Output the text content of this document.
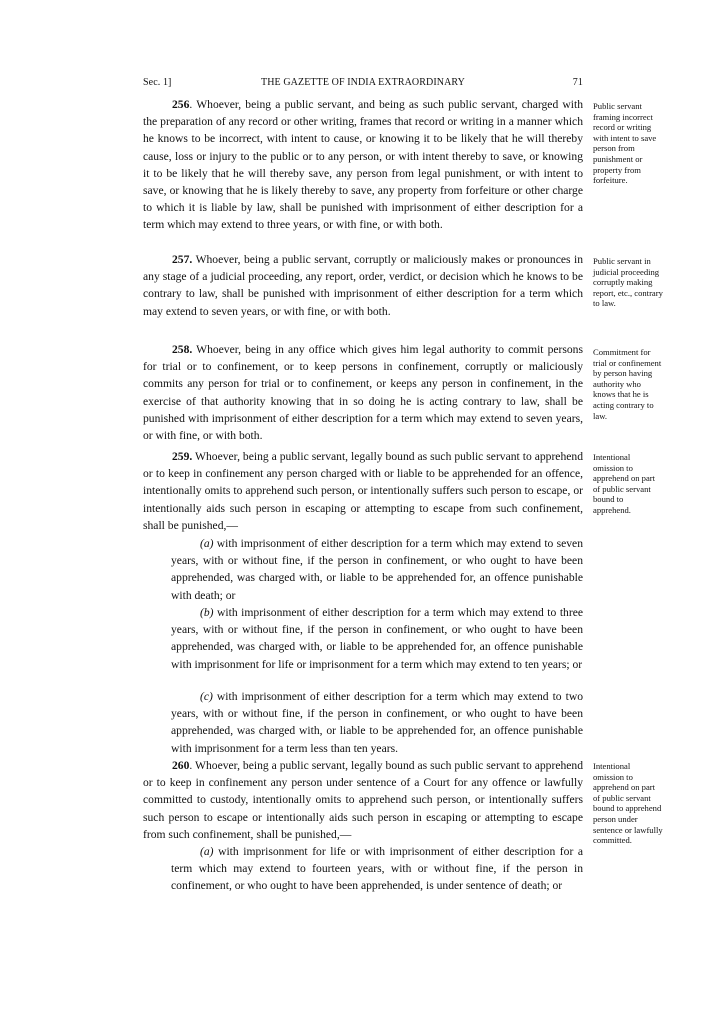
Sec. 1]	THE GAZETTE OF INDIA EXTRAORDINARY	71

256. Whoever, being a public servant, and being as such public servant, charged with the preparation of any record or other writing, frames that record or writing in a manner which he knows to be incorrect, with intent to cause, or knowing it to be likely that he will thereby cause, loss or injury to the public or to any person, or with intent thereby to save, or knowing it to be likely that he will thereby save, any person from legal punishment, or with intent to save, or knowing that he is likely thereby to save, any property from forfeiture or other charge to which it is liable by law, shall be punished with imprisonment of either description for a term which may extend to three years, or with fine, or with both.

Public servant framing incorrect record or writing with intent to save person from punishment or property from forfeiture.

257. Whoever, being a public servant, corruptly or maliciously makes or pronounces in any stage of a judicial proceeding, any report, order, verdict, or decision which he knows to be contrary to law, shall be punished with imprisonment of either description for a term which may extend to seven years, or with fine, or with both.

Public servant in judicial proceeding corruptly making report, etc., contrary to law.

258. Whoever, being in any office which gives him legal authority to commit persons for trial or to confinement, or to keep persons in confinement, corruptly or maliciously commits any person for trial or to confinement, or keeps any person in confinement, in the exercise of that authority knowing that in so doing he is acting contrary to law, shall be punished with imprisonment of either description for a term which may extend to seven years, or with fine, or with both.

Commitment for trial or confinement by person having authority who knows that he is acting contrary to law.

259. Whoever, being a public servant, legally bound as such public servant to apprehend or to keep in confinement any person charged with or liable to be apprehended for an offence, intentionally omits to apprehend such person, or intentionally suffers such person to escape, or intentionally aids such person in escaping or attempting to escape from such confinement, shall be punished,—

Intentional omission to apprehend on part of public servant bound to apprehend.

(a) with imprisonment of either description for a term which may extend to seven years, with or without fine, if the person in confinement, or who ought to have been apprehended, was charged with, or liable to be apprehended for, an offence punishable with death; or

(b) with imprisonment of either description for a term which may extend to three years, with or without fine, if the person in confinement, or who ought to have been apprehended, was charged with, or liable to be apprehended for, an offence punishable with imprisonment for life or imprisonment for a term which may extend to ten years; or

(c) with imprisonment of either description for a term which may extend to two years, with or without fine, if the person in confinement, or who ought to have been apprehended, was charged with, or liable to be apprehended for, an offence punishable with imprisonment for a term less than ten years.

260. Whoever, being a public servant, legally bound as such public servant to apprehend or to keep in confinement any person under sentence of a Court for any offence or lawfully committed to custody, intentionally omits to apprehend such person, or intentionally suffers such person to escape or intentionally aids such person in escaping or attempting to escape from such confinement, shall be punished,—

Intentional omission to apprehend on part of public servant bound to apprehend person under sentence or lawfully committed.

(a) with imprisonment for life or with imprisonment of either description for a term which may extend to fourteen years, with or without fine, if the person in confinement, or who ought to have been apprehended, is under sentence of death; or
